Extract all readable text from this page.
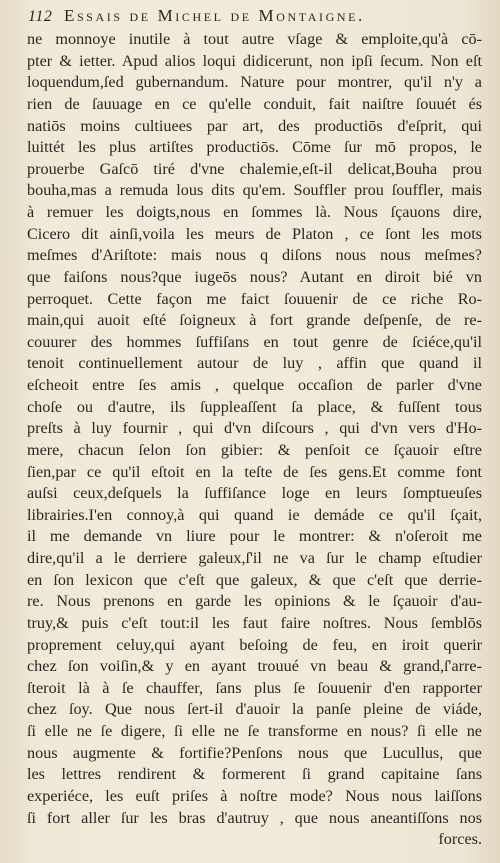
112 Essais de Michel de Montaigne.
ne monnoye inutile à tout autre vſage & emploite,qu'à cō-
pter & ietter. Apud alios loqui didicerunt, non ipſi ſecum. Non eſt
loquendum,ſed gubernandum. Nature pour montrer, qu'il n'y a
rien de ſauuage en ce qu'elle conduit, fait naiſtre ſouuét és
natiōs moins cultiuees par art, des productiōs d'eſprit, qui
luittét les plus artiſtes productiōs. Cōme ſur mō propos, le
prouerbe Gaſcō tiré d'vne chalemie,eſt-il delicat,Bouha prou
bouha,mas a remuda lous dits qu'em. Souffler prou ſouffler, mais
à remuer les doigts,nous en ſommes là. Nous ſçauons dire,
Cicero dit ainſi,voila les meurs de Platon , ce ſont les mots
meſmes d'Ariſtote: mais nous q diſons nous nous meſmes?
que faiſons nous?que iugeōs nous? Autant en diroit bié vn
perroquet. Cette façon me faict ſouuenir de ce riche Ro-
main,qui auoit eſté ſoigneux à fort grande deſpenſe, de re-
couurer des hommes ſuffiſans en tout genre de ſciéce,qu'il
tenoit continuellement autour de luy , affin que quand il
eſcheoit entre ſes amis , quelque occaſion de parler d'vne
choſe ou d'autre, ils ſuppleaſſent ſa place, & fuſſent tous
preſts à luy fournir , qui d'vn diſcours , qui d'vn vers d'Ho-
mere, chacun ſelon ſon gibier: & penſoit ce ſçauoir eſtre
ſien,par ce qu'il eſtoit en la teſte de ſes gens.Et comme font
auſsi ceux,deſquels la ſuffiſance loge en leurs ſomptueuſes
librairies.I'en connoy,à qui quand ie demáde ce qu'il ſçait,
il me demande vn liure pour le montrer: & n'oſeroit me
dire,qu'il a le derriere galeux,ſ'il ne va ſur le champ eſtudier
en ſon lexicon que c'eſt que galeux, & que c'eſt que derrie-
re. Nous prenons en garde les opinions & le ſçauoir d'au-
truy,& puis c'eſt tout:il les faut faire noſtres. Nous ſemblōs
proprement celuy,qui ayant beſoing de feu, en iroit querir
chez ſon voiſin,& y en ayant trouué vn beau & grand,ſ'arre-
ſteroit là à ſe chauffer, ſans plus ſe ſouuenir d'en rapporter
chez ſoy. Que nous ſert-il d'auoir la panſe pleine de viáde,
ſi elle ne ſe digere, ſi elle ne ſe transforme en nous? ſi elle ne
nous augmente & fortifie?Penſons nous que Lucullus, que
les lettres rendirent & formerent ſi grand capitaine ſans
experiéce, les euſt priſes à noſtre mode? Nous nous laiſſons
ſi fort aller ſur les bras d'autruy , que nous aneantiſſons nos
forces.
